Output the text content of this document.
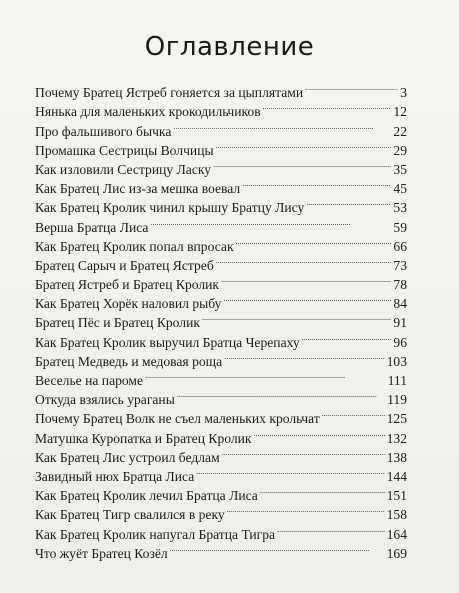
Оглавление
Почему Братец Ястреб гоняется за цыплятами . . .	3
Нянька для маленьких крокодильчиков . . .	12
Про фальшивого бычка . . .	22
Промашка Сестрицы Волчицы . . .	29
Как изловили Сестрицу Ласку . . .	35
Как Братец Лис из-за мешка воевал . . .	45
Как Братец Кролик чинил крышу Братцу Лису . . .	53
Верша Братца Лиса . . .	59
Как Братец Кролик попал впросак . . .	66
Братец Сарыч и Братец Ястреб . . .	73
Братец Ястреб и Братец Кролик . . .	78
Как Братец Хорёк наловил рыбу . . .	84
Братец Пёс и Братец Кролик . . .	91
Как Братец Кролик выручил Братца Черепаху . . .	96
Братец Медведь и медовая роща . . .	103
Веселье на пароме . . .	111
Откуда взялись ураганы . . .	119
Почему Братец Волк не съел маленьких крольчат . . .	125
Матушка Куропатка и Братец Кролик . . .	132
Как Братец Лис устроил бедлам . . .	138
Завидный нюх Братца Лиса . . .	144
Как Братец Кролик лечил Братца Лиса . . .	151
Как Братец Тигр свалился в реку . . .	158
Как Братец Кролик напугал Братца Тигра . . .	164
Что жуёт Братец Козёл . . .	169
